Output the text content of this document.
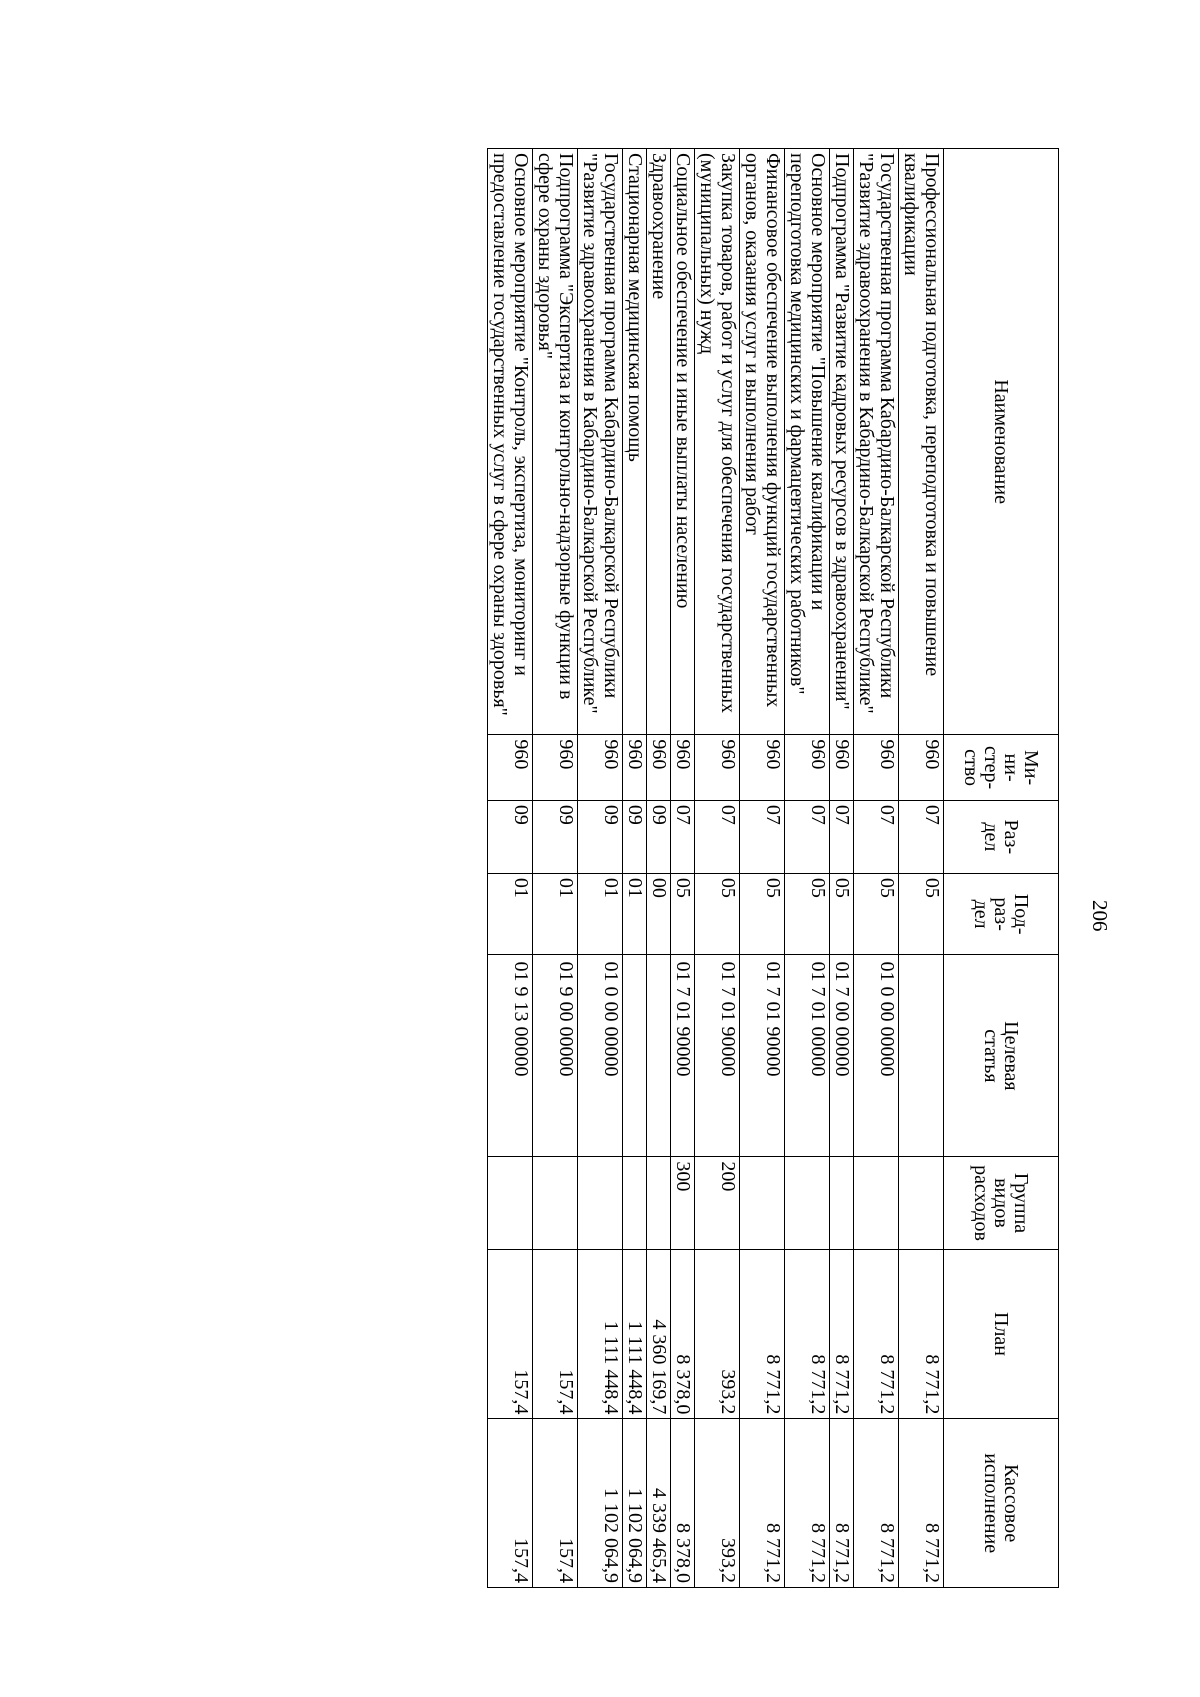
206
Наименование	Ми-
ни-
стер-
ство	Раз-
дел	Под-
раз-
дел	Целевая
статья	Группа
видов
расходов	План	Кассовое
исполнение
Профессиональная подготовка, переподготовка и повышение квалификации	960	07	05			8 771,2	8 771,2
Государственная программа Кабардино-Балкарской Республики "Развитие здравоохранения в Кабардино-Балкарской Республике"	960	07	05	01 0 00 00000		8 771,2	8 771,2
Подпрограмма "Развитие кадровых ресурсов в здравоохранении"	960	07	05	01 7 00 00000		8 771,2	8 771,2
Основное мероприятие "Повышение квалификации и переподготовка медицинских и фармацевтических работников"	960	07	05	01 7 01 00000		8 771,2	8 771,2
Финансовое обеспечение выполнения функций государственных органов, оказания услуг и выполнения работ	960	07	05	01 7 01 90000		8 771,2	8 771,2
Закупка товаров, работ и услуг для обеспечения государственных (муниципальных) нужд	960	07	05	01 7 01 90000	200	393,2	393,2
Социальное обеспечение и иные выплаты населению	960	07	05	01 7 01 90000	300	8 378,0	8 378,0
Здравоохранение	960	09	00			4 360 169,7	4 339 465,4
Стационарная медицинская помощь	960	09	01			1 111 448,4	1 102 064,9
Государственная программа Кабардино-Балкарской Республики "Развитие здравоохранения в Кабардино-Балкарской Республике"	960	09	01	01 0 00 00000		1 111 448,4	1 102 064,9
Подпрограмма "Экспертиза и контрольно-надзорные функции в сфере охраны здоровья"	960	09	01	01 9 00 00000		157,4	157,4
Основное мероприятие "Контроль, экспертиза, мониторинг и предоставление государственных услуг в сфере охраны здоровья"	960	09	01	01 9 13 00000		157,4	157,4
